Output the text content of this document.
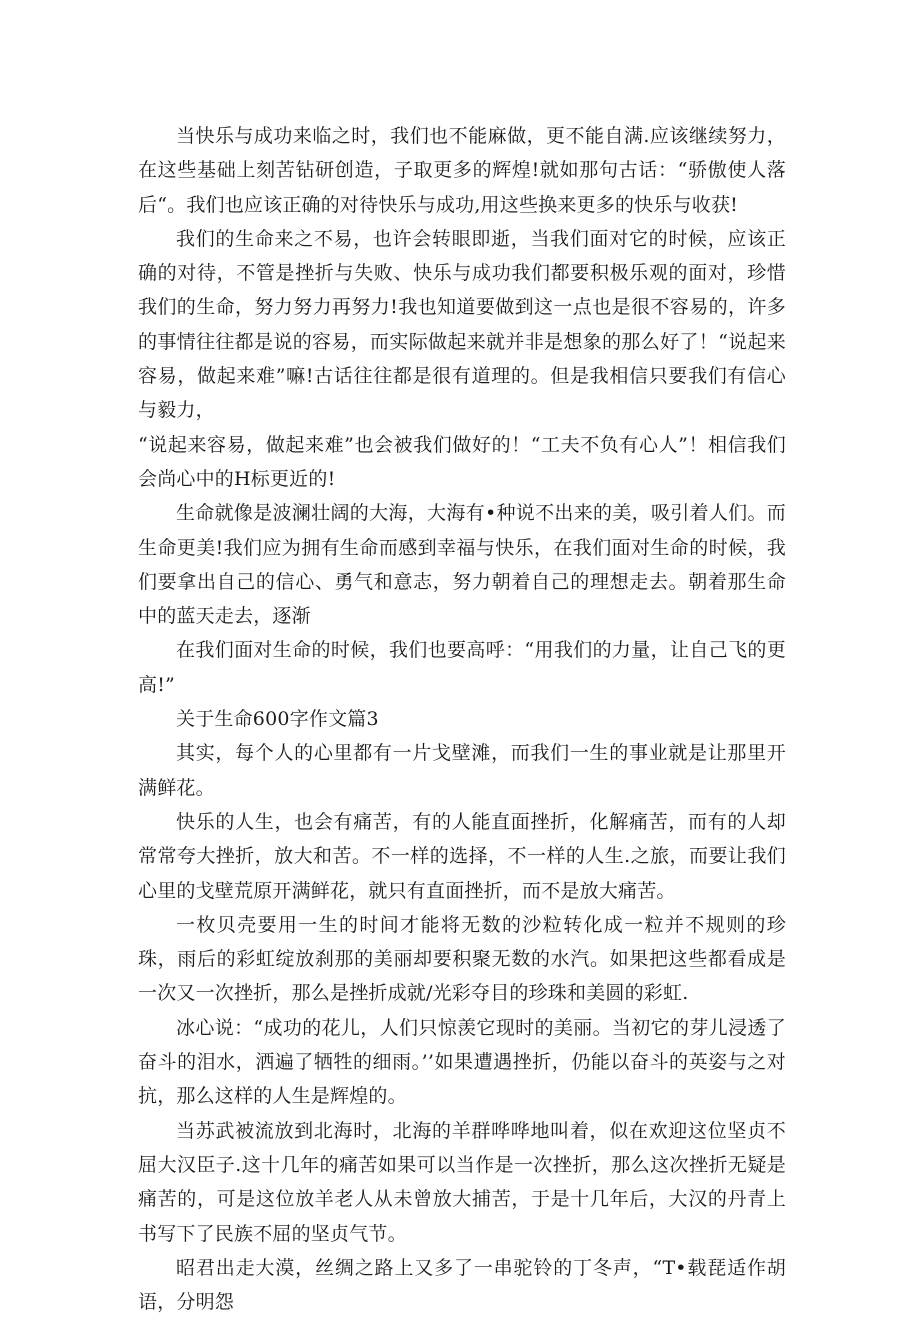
当快乐与成功来临之时，我们也不能麻做，更不能自满.应该继续努力，在这些基础上刻苦钻研创造，子取更多的辉煌!就如那句古话：“骄傲使人落后“。我们也应该正确的对待快乐与成功,用这些换来更多的快乐与收获!

我们的生命来之不易，也许会转眼即逝，当我们面对它的时候，应该正确的对待，不管是挫折与失败、快乐与成功我们都要积极乐观的面对，珍惜我们的生命，努力努力再努力!我也知道要做到这一点也是很不容易的，许多的事情往往都是说的容易，而实际做起来就并非是想象的那么好了！“说起来容易，做起来难”嘛!古话往往都是很有道理的。但是我相信只要我们有信心与毅力，

“说起来容易，做起来难”也会被我们做好的！“工夫不负有心人”！相信我们会尚心中的H标更近的!

生命就像是波澜壮阔的大海，大海有•种说不出来的美，吸引着人们。而生命更美!我们应为拥有生命而感到幸福与快乐，在我们面对生命的时候，我们要拿出自己的信心、勇气和意志，努力朝着自己的理想走去。朝着那生命中的蓝天走去，逐渐

在我们面对生命的时候，我们也要高呼：“用我们的力量，让自己飞的更高!”

关于生命600字作文篇3

其实，每个人的心里都有一片戈壁滩，而我们一生的事业就是让那里开满鲜花。

快乐的人生，也会有痛苦，有的人能直面挫折，化解痛苦，而有的人却常常夸大挫折，放大和苦。不一样的选择，不一样的人生.之旅，而要让我们心里的戈壁荒原开满鲜花，就只有直面挫折，而不是放大痛苦。

一枚贝壳要用一生的时间才能将无数的沙粒转化成一粒并不规则的珍珠，雨后的彩虹绽放刹那的美丽却要积聚无数的水汽。如果把这些都看成是一次又一次挫折，那么是挫折成就/光彩夺目的珍珠和美圆的彩虹.

冰心说：“成功的花儿，人们只惊羡它现时的美丽。当初它的芽儿浸透了奋斗的泪水，洒遍了牺牲的细雨。’’如果遭遇挫折，仍能以奋斗的英姿与之对抗，那么这样的人生是辉煌的。

当苏武被流放到北海时，北海的羊群哗哗地叫着，似在欢迎这位坚贞不屈大汉臣子.这十几年的痛苦如果可以当作是一次挫折，那么这次挫折无疑是痛苦的，可是这位放羊老人从未曾放大捕苦，于是十几年后，大汉的丹青上书写下了民族不屈的坚贞气节。

昭君出走大漠，丝绸之路上又多了一串驼铃的丁冬声，“T•载琵适作胡语，分明怨
